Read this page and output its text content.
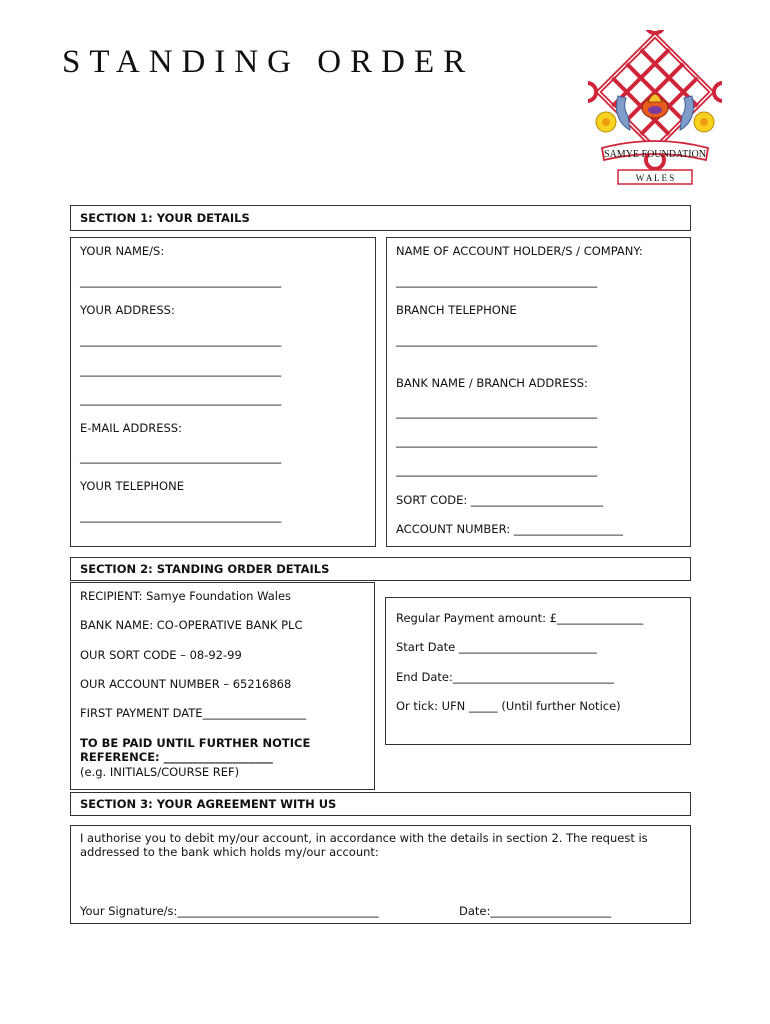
STANDING ORDER
SAMYE FOUNDATION
W A L E S
SECTION 1: YOUR DETAILS
YOUR NAME/S:
___________________________________
YOUR ADDRESS:
___________________________________
___________________________________
___________________________________
E-MAIL ADDRESS:
___________________________________
YOUR TELEPHONE
___________________________________
NAME OF ACCOUNT HOLDER/S / COMPANY:
___________________________________
BRANCH TELEPHONE
___________________________________
BANK NAME / BRANCH ADDRESS:
___________________________________
___________________________________
___________________________________
SORT CODE: _______________________
ACCOUNT NUMBER: ___________________
SECTION 2: STANDING ORDER DETAILS
RECIPIENT: Samye Foundation Wales
BANK NAME: CO-OPERATIVE BANK PLC
OUR SORT CODE – 08-92-99
OUR ACCOUNT NUMBER – 65216868
FIRST PAYMENT DATE__________________
TO BE PAID UNTIL FURTHER NOTICE
REFERENCE: ___________________
(e.g. INITIALS/COURSE REF)
Regular Payment amount: £_______________
Start Date ________________________
End Date:____________________________
Or tick: UFN _____ (Until further Notice)
SECTION 3: YOUR AGREEMENT WITH US
I authorise you to debit my/our account, in accordance with the details in section 2. The request is
addressed to the bank which holds my/our account:
Your Signature/s:___________________________________	Date:_____________________
